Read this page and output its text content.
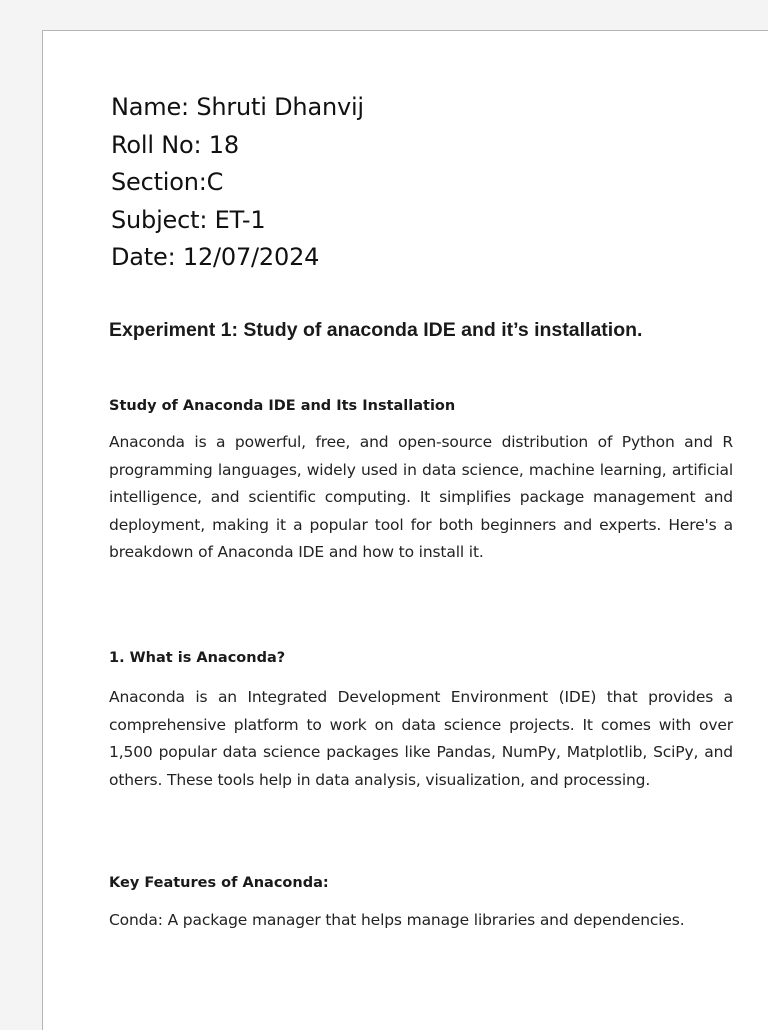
Name: Shruti Dhanvij
Roll No: 18
Section:C
Subject: ET-1
Date: 12/07/2024
Experiment 1: Study of anaconda IDE and it’s installation.
Study of Anaconda IDE and Its Installation
Anaconda is a powerful, free, and open-source distribution of Python and R programming languages, widely used in data science, machine learning, artificial intelligence, and scientific computing. It simplifies package management and deployment, making it a popular tool for both beginners and experts. Here's a breakdown of Anaconda IDE and how to install it.
1. What is Anaconda?
Anaconda is an Integrated Development Environment (IDE) that provides a comprehensive platform to work on data science projects. It comes with over 1,500 popular data science packages like Pandas, NumPy, Matplotlib, SciPy, and others. These tools help in data analysis, visualization, and processing.
Key Features of Anaconda:
Conda: A package manager that helps manage libraries and dependencies.
